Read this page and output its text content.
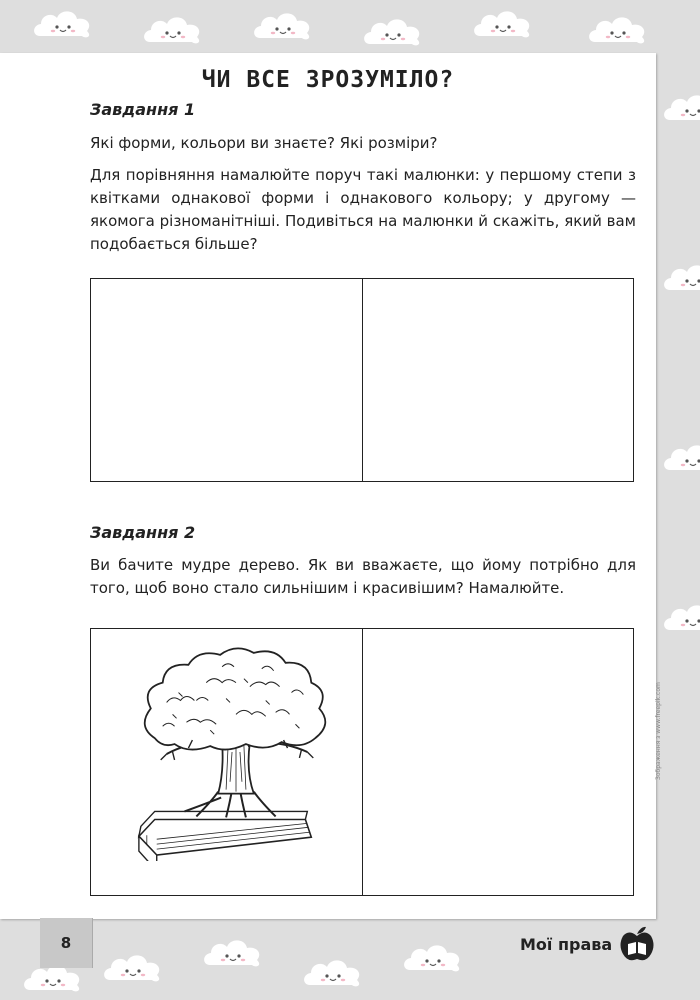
ЧИ ВСЕ ЗРОЗУМІЛО?
Завдання 1

Які форми, кольори ви знаєте? Які розміри?

Для порівняння намалюйте поруч такі малюнки: у першому степи з квітками однакової форми і однакового кольору; у другому — якомога різноманітніші. Подивіться на малюнки й скажіть, який вам подобається більше?

Завдання 2

Ви бачите мудре дерево. Як ви вважаєте, що йому потрібно для того, щоб воно стало сильнішим і красивішим? Намалюйте.

Зображення з www.freepik.com
8	Мої права
